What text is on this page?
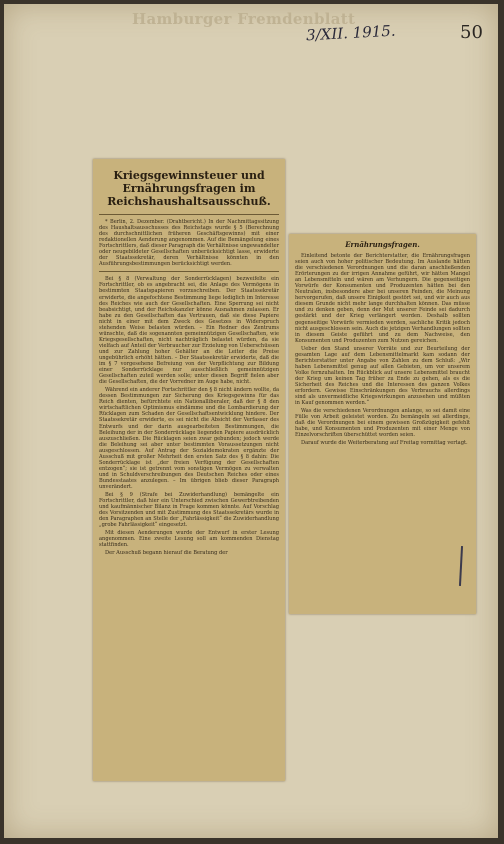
Hamburger Fremdenblatt
3/XII. 1915.	50
Kriegsgewinnsteuer und Ernährungsfragen im Reichshaushaltsausschuß.

* Berlin, 2. Dezember. (Drahtbericht.) In der Nachmittagssitzung des Haushaltsausschusses des Reichstags wurde § 5 (Berechnung des durchschnittlichen früheren Geschäftsgewinns) mit einer redaktionellen Aenderung angenommen. Auf die Bemängelung eines Fortschrittlers, daß dieser Paragraph die Verhältnisse ungewandelter oder neugebildeter Gesellschaften unberücksichtigt lasse, erwiderte der Staatssekretär, deren Verhältnisse könnten in den Ausführungsbestimmungen berücksichtigt werden.

Bei § 8 (Verwaltung der Sonderrücklagen) bezweifelte ein Fortschrittler, ob es angebracht sei, die Anlage des Vermögens in bestimmten Staatspapieren vorzuschreiben. Der Staatssekretär erwiderte, die angefochtene Bestimmung liege lediglich im Interesse des Reiches wie auch der Gesellschaften. Eine Sperrung sei nicht beabsichtigt, und der Reichskanzler könne Ausnahmen zulassen. Er habe zu den Gesellschaften das Vertrauen, daß sie diese Papiere nicht in einer mit dem Zweck des Gesetzes in Widerspruch stehenden Weise belasten würden. – Ein Redner des Zentrums wünschte, daß die sogenannten gemeinnützigen Gesellschaften, wie Kriegsgesellschaften, nicht nachträglich belastet würden, da sie vielfach auf Anteil der Verbraucher zur Erzielung von Ueberschüssen und zur Zahlung hoher Gehälter an die Leiter die Preise ungebührlich erhöht hätten. – Der Staatssekretär erwiderte, daß die im § 7 vorgesehene Befreiung von der Verpflichtung zur Bildung einer Sonderrücklage nur ausschließlich gemeinnützigen Gesellschaften zuteil werden solle; unter diesen Begriff fielen aber die Gesellschaften, die der Vorredner im Auge habe, nicht.

Während ein anderer Fortschrittler den § 8 nicht ändern wollte, da dessen Bestimmungen zur Sicherung des Kriegsgewinns für das Reich dienten, befürchtete ein Nationalliberaler, daß der § 8 den wirtschaftlichen Optimismus eindämme und die Lombardierung der Rücklagen zum Schaden der Gesellschaftsentwicklung hindere. Der Staatssekretär erwiderte, es sei nicht die Absicht der Verfasser des Entwurfs und der darin ausgearbeiteten Bestimmungen, die Beleihung der in der Sonderrücklage liegenden Papiere ausdrücklich auszuschließen. Die Rücklagen seien zwar gebunden; jedoch werde die Beleihung sei aber unter bestimmten Voraussetzungen nicht ausgeschlossen. Auf Antrag der Sozialdemokraten ergänzte der Ausschuß mit großer Mehrheit den ersten Satz des § 8 dahin: Die Sonderrücklage ist „der freien Verfügung der Gesellschaften entzogen“; sie ist getrennt vom sonstigen Vermögen zu verwalten und in Schuldverschreibungen des Deutschen Reiches oder eines Bundesstaates anzulegen. – Im übrigen blieb dieser Paragraph unverändert.

Bei § 9 (Strafe bei Zuwiderhandlung) bemängelte ein Fortschrittler, daß hier ein Unterschied zwischen Gewerbtreibenden und kaufmännischer Bilanz in Frage kommen könnte. Auf Vorschlag des Vorsitzenden und mit Zustimmung des Staatssekretärs wurde in den Paragraphen an Stelle der „Fahrlässigkeit“ die Zuwiderhandlung „grobe Fahrlässigkeit“ eingesetzt.

Mit diesen Aenderungen wurde der Entwurf in erster Lesung angenommen. Eine zweite Lesung soll am kommenden Dienstag stattfinden.

Der Ausschuß begann hierauf die Beratung der

Ernährungsfragen.

Einleitend betonte der Berichterstatter, die Ernährungsfragen seien auch von hoher politischer Bedeutung. Im Auslande hätten die verschiedenen Verordnungen und die daran anschließenden Erörterungen zu der irrigen Annahme geführt, wir hätten Mangel an Lebensmitteln und wären am Verhungern. Die gegenseitigen Vorwürfe der Konsumenten und Produzenten hätten bei den Neutralen, insbesondere aber bei unseren Feinden, die Meinung hervorgerufen, daß unsere Einigkeit gestört sei, und wir auch aus diesem Grunde nicht mehr lange durchhalten können. Das müsse und zu denken geben, denn der Mut unserer Feinde sei dadurch gestärkt und der Krieg verlängert worden. Deshalb sollten gegenseitige Vorwürfe vermieden werden, sachliche Kritik jedoch nicht ausgeschlossen sein. Auch die jetzigen Verhandlungen sollten in diesem Geiste geführt und zu dem Nachweise, den Konsumenten und Produzenten zum Nutzen gereichen.

Ueber den Stand unserer Vorräte und zur Beurteilung der gesamten Lage auf dem Lebensmittelmarkt kam sodann der Berichterstatter unter Angabe von Zahlen zu dem Schluß: „Wir haben Lebensmittel genug auf allen Gebieten, um vor unserem Volke fernzuhalten. Im Rückblick auf unsere Lebensmittel braucht der Krieg um keinen Tag früher zu Ende zu gehen, als es die Sicherheit des Reiches und die Interessen des ganzen Volkes erfordern. Gewisse Einschränkungen des Verbrauchs allerdings sind als unvermeidliche Kriegswirkungen anzusehen und müßten in Kauf genommen werden.“

Was die verschiedenen Verordnungen anlange, so sei damit eine Fülle von Arbeit geleistet worden. Zu bemängeln sei allerdings, daß die Verordnungen bei einem gewissen Großzügigkeit gefehlt habe, und Konsumenten und Produzenten mit einer Menge von Einzelvorschriften überschüttet worden seien.

Darauf wurde die Weiterberatung auf Freitag vormittag vertagt.
